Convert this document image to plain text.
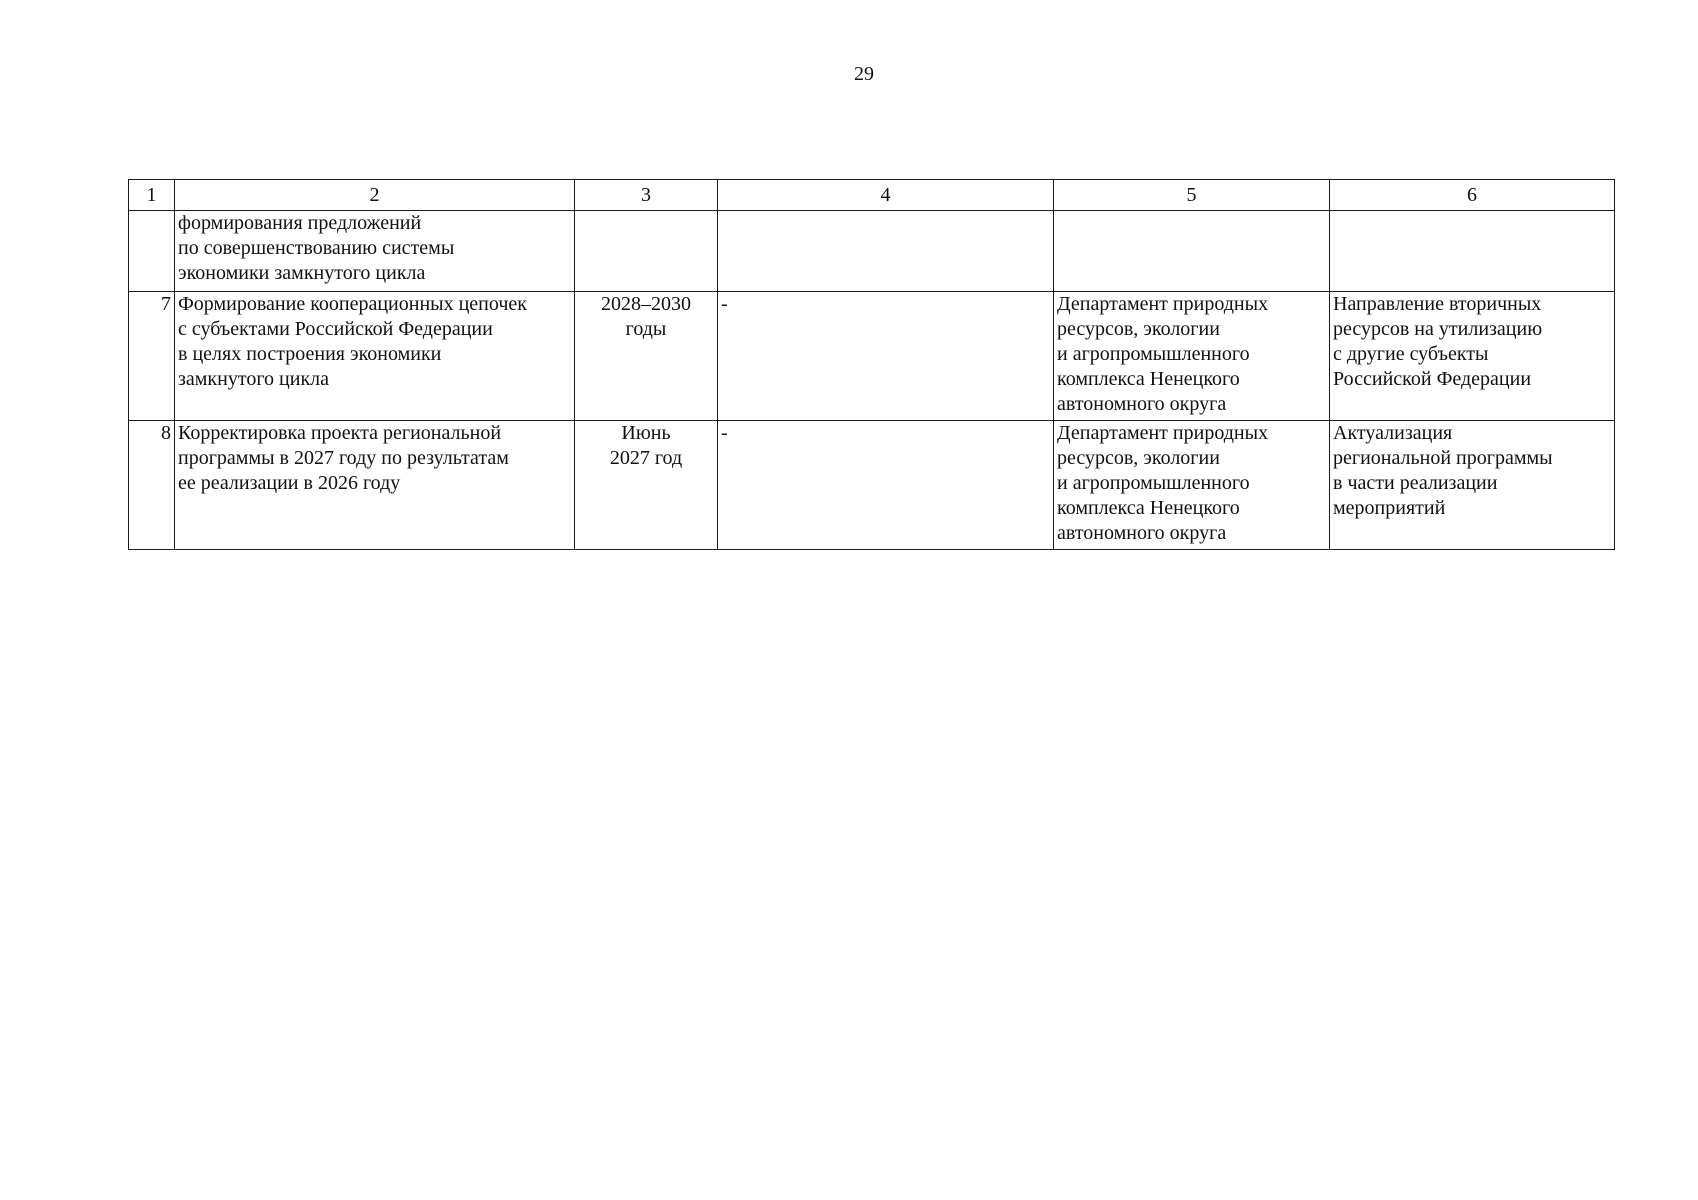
29
1	2	3	4	5	6

	формирования предложений
по совершенствованию системы
экономики замкнутого цикла				

7	Формирование кооперационных цепочек
с субъектами Российской Федерации
в целях построения экономики
замкнутого цикла	2028–2030
годы	-	Департамент природных
ресурсов, экологии
и агропромышленного
комплекса Ненецкого
автономного округа	Направление вторичных
ресурсов на утилизацию
с другие субъекты
Российской Федерации

8	Корректировка проекта региональной
программы в 2027 году по результатам
ее реализации в 2026 году	Июнь
2027 год	-	Департамент природных
ресурсов, экологии
и агропромышленного
комплекса Ненецкого
автономного округа	Актуализация
региональной программы
в части реализации
мероприятий
